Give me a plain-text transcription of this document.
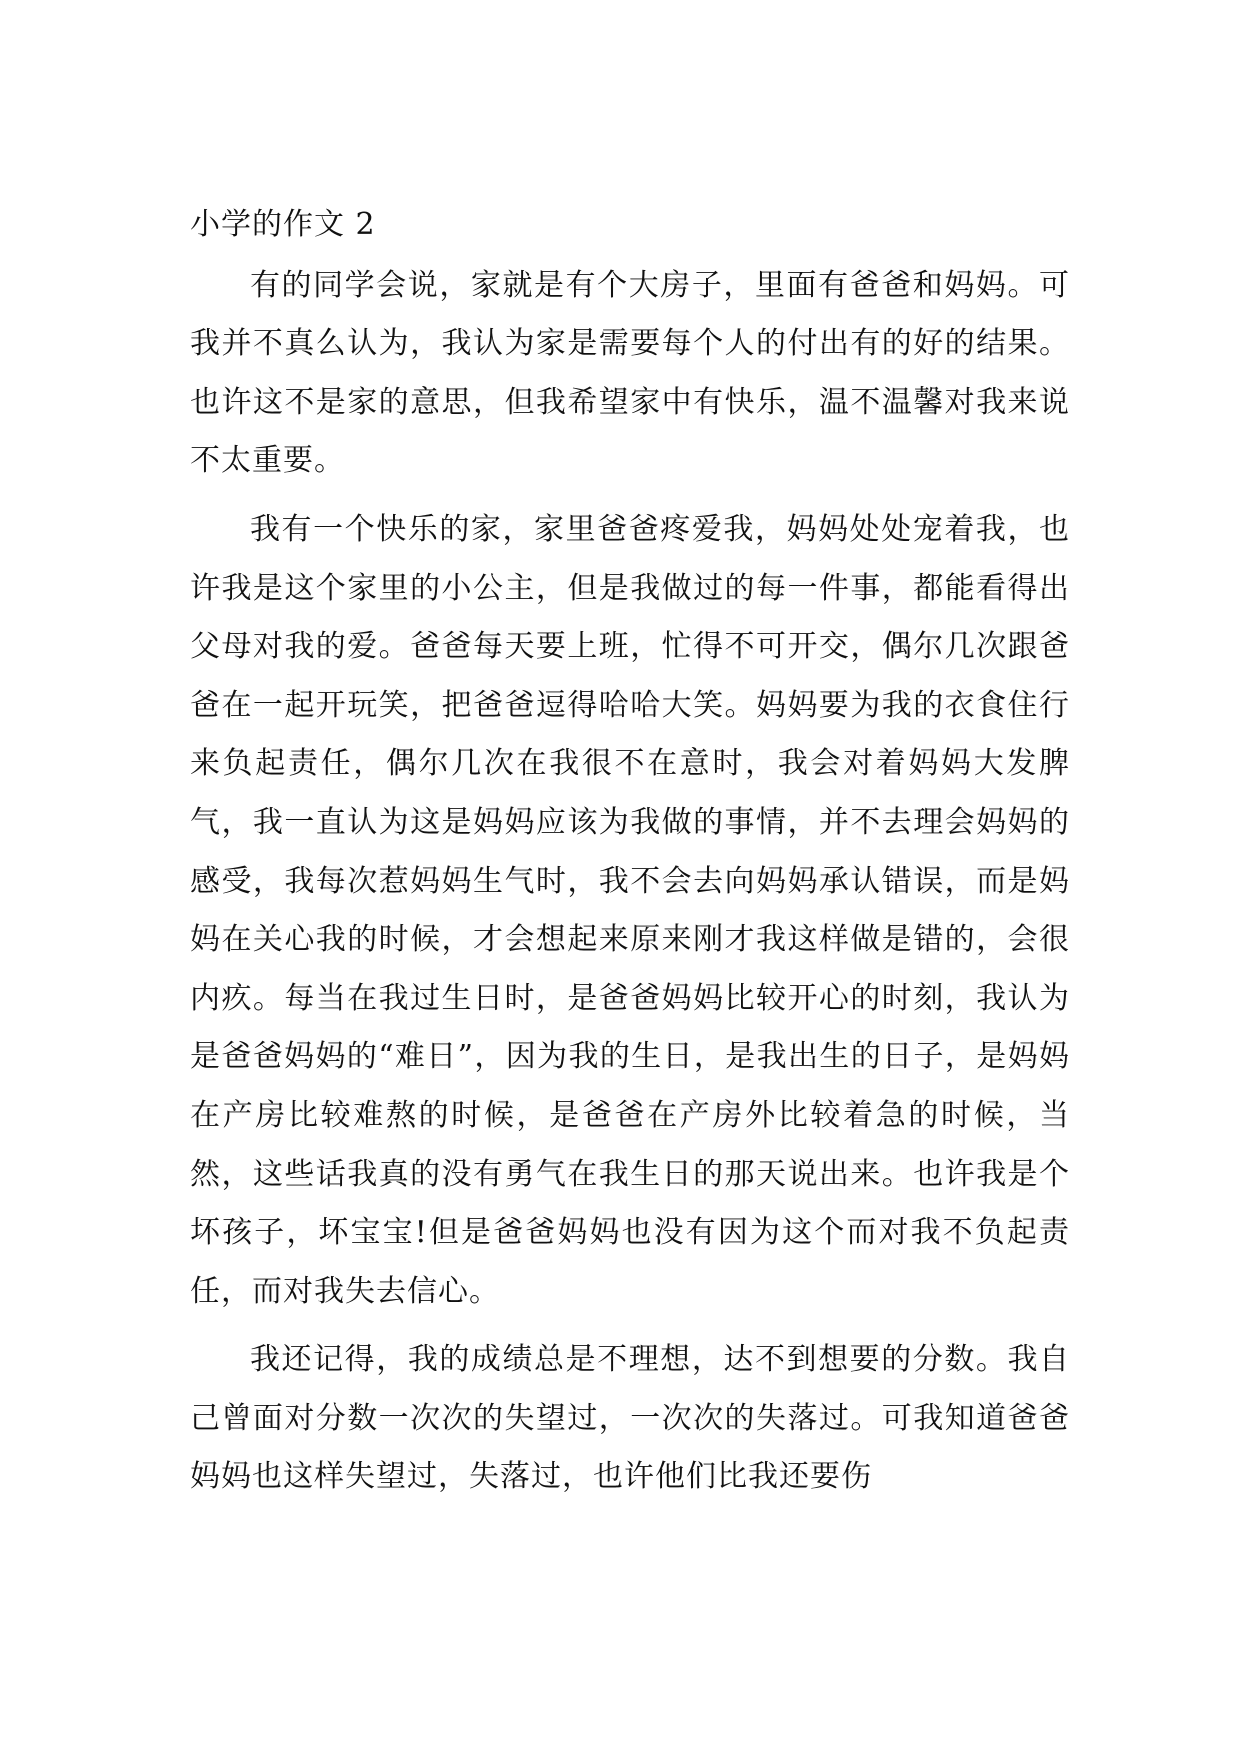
小学的作文 2

有的同学会说，家就是有个大房子，里面有爸爸和妈妈。可我并不真么认为，我认为家是需要每个人的付出有的好的结果。也许这不是家的意思，但我希望家中有快乐，温不温馨对我来说不太重要。

我有一个快乐的家，家里爸爸疼爱我，妈妈处处宠着我，也许我是这个家里的小公主，但是我做过的每一件事，都能看得出父母对我的爱。爸爸每天要上班，忙得不可开交，偶尔几次跟爸爸在一起开玩笑，把爸爸逗得哈哈大笑。妈妈要为我的衣食住行来负起责任，偶尔几次在我很不在意时，我会对着妈妈大发脾气，我一直认为这是妈妈应该为我做的事情，并不去理会妈妈的感受，我每次惹妈妈生气时，我不会去向妈妈承认错误，而是妈妈在关心我的时候，才会想起来原来刚才我这样做是错的，会很内疚。每当在我过生日时，是爸爸妈妈比较开心的时刻，我认为是爸爸妈妈的“难日”，因为我的生日，是我出生的日子，是妈妈在产房比较难熬的时候，是爸爸在产房外比较着急的时候，当然，这些话我真的没有勇气在我生日的那天说出来。也许我是个坏孩子，坏宝宝!但是爸爸妈妈也没有因为这个而对我不负起责任，而对我失去信心。

我还记得，我的成绩总是不理想，达不到想要的分数。我自己曾面对分数一次次的失望过，一次次的失落过。可我知道爸爸妈妈也这样失望过，失落过，也许他们比我还要伤
